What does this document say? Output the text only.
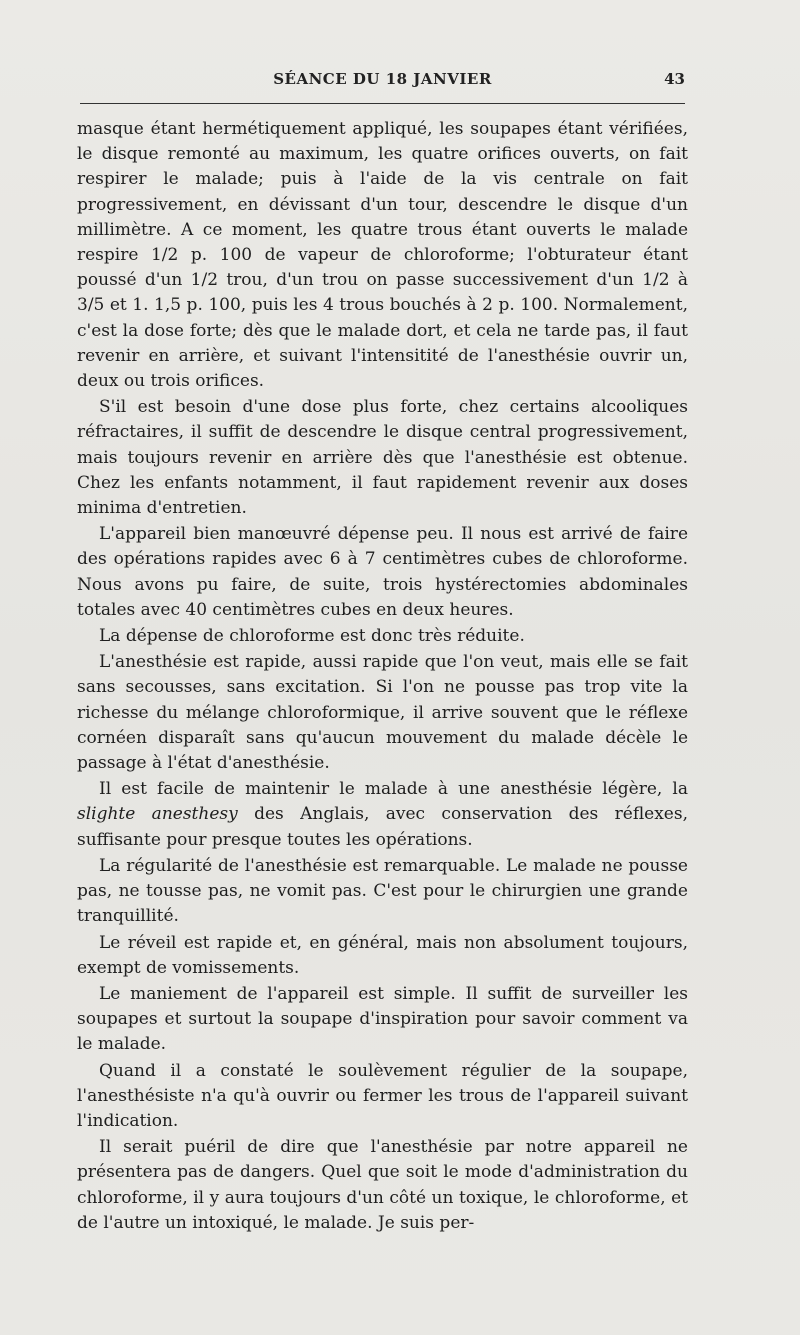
SÉANCE DU 18 JANVIER	43

masque étant hermétiquement appliqué, les soupapes étant vérifiées, le disque remonté au maximum, les quatre orifices ouverts, on fait respirer le malade; puis à l'aide de la vis centrale on fait progressivement, en dévissant d'un tour, descendre le disque d'un millimètre. A ce moment, les quatre trous étant ouverts le malade respire 1/2 p. 100 de vapeur de chloroforme; l'obturateur étant poussé d'un 1/2 trou, d'un trou on passe successivement d'un 1/2 à 3/5 et 1. 1,5 p. 100, puis les 4 trous bouchés à 2 p. 100. Normalement, c'est la dose forte; dès que le malade dort, et cela ne tarde pas, il faut revenir en arrière, et suivant l'intensitité de l'anesthésie ouvrir un, deux ou trois orifices.

S'il est besoin d'une dose plus forte, chez certains alcooliques réfractaires, il suffit de descendre le disque central progressivement, mais toujours revenir en arrière dès que l'anesthésie est obtenue. Chez les enfants notamment, il faut rapidement revenir aux doses minima d'entretien.

L'appareil bien manœuvré dépense peu. Il nous est arrivé de faire des opérations rapides avec 6 à 7 centimètres cubes de chloroforme. Nous avons pu faire, de suite, trois hystérectomies abdominales totales avec 40 centimètres cubes en deux heures.

La dépense de chloroforme est donc très réduite.

L'anesthésie est rapide, aussi rapide que l'on veut, mais elle se fait sans secousses, sans excitation. Si l'on ne pousse pas trop vite la richesse du mélange chloroformique, il arrive souvent que le réflexe cornéen disparaît sans qu'aucun mouvement du malade décèle le passage à l'état d'anesthésie.

Il est facile de maintenir le malade à une anesthésie légère, la slighte anesthesy des Anglais, avec conservation des réflexes, suffisante pour presque toutes les opérations.

La régularité de l'anesthésie est remarquable. Le malade ne pousse pas, ne tousse pas, ne vomit pas. C'est pour le chirurgien une grande tranquillité.

Le réveil est rapide et, en général, mais non absolument toujours, exempt de vomissements.

Le maniement de l'appareil est simple. Il suffit de surveiller les soupapes et surtout la soupape d'inspiration pour savoir comment va le malade.

Quand il a constaté le soulèvement régulier de la soupape, l'anesthésiste n'a qu'à ouvrir ou fermer les trous de l'appareil suivant l'indication.

Il serait puéril de dire que l'anesthésie par notre appareil ne présentera pas de dangers. Quel que soit le mode d'administration du chloroforme, il y aura toujours d'un côté un toxique, le chloroforme, et de l'autre un intoxiqué, le malade. Je suis per-
